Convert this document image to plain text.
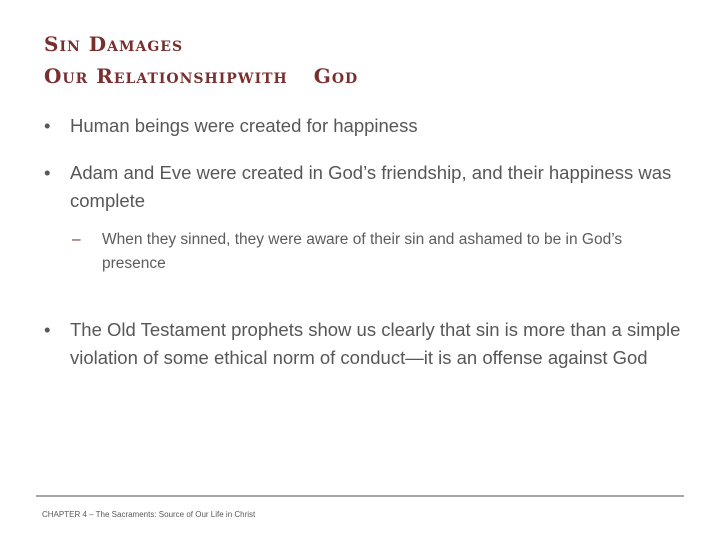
Sin Damages
Our Relationshipwith God
• Human beings were created for happiness
• Adam and Eve were created in God’s friendship, and their happiness was complete
– When they sinned, they were aware of their sin and ashamed to be in God’s presence
• The Old Testament prophets show us clearly that sin is more than a simple violation of some ethical norm of conduct—it is an offense against God
CHAPTER 4 – The Sacraments: Source of Our Life in Christ
